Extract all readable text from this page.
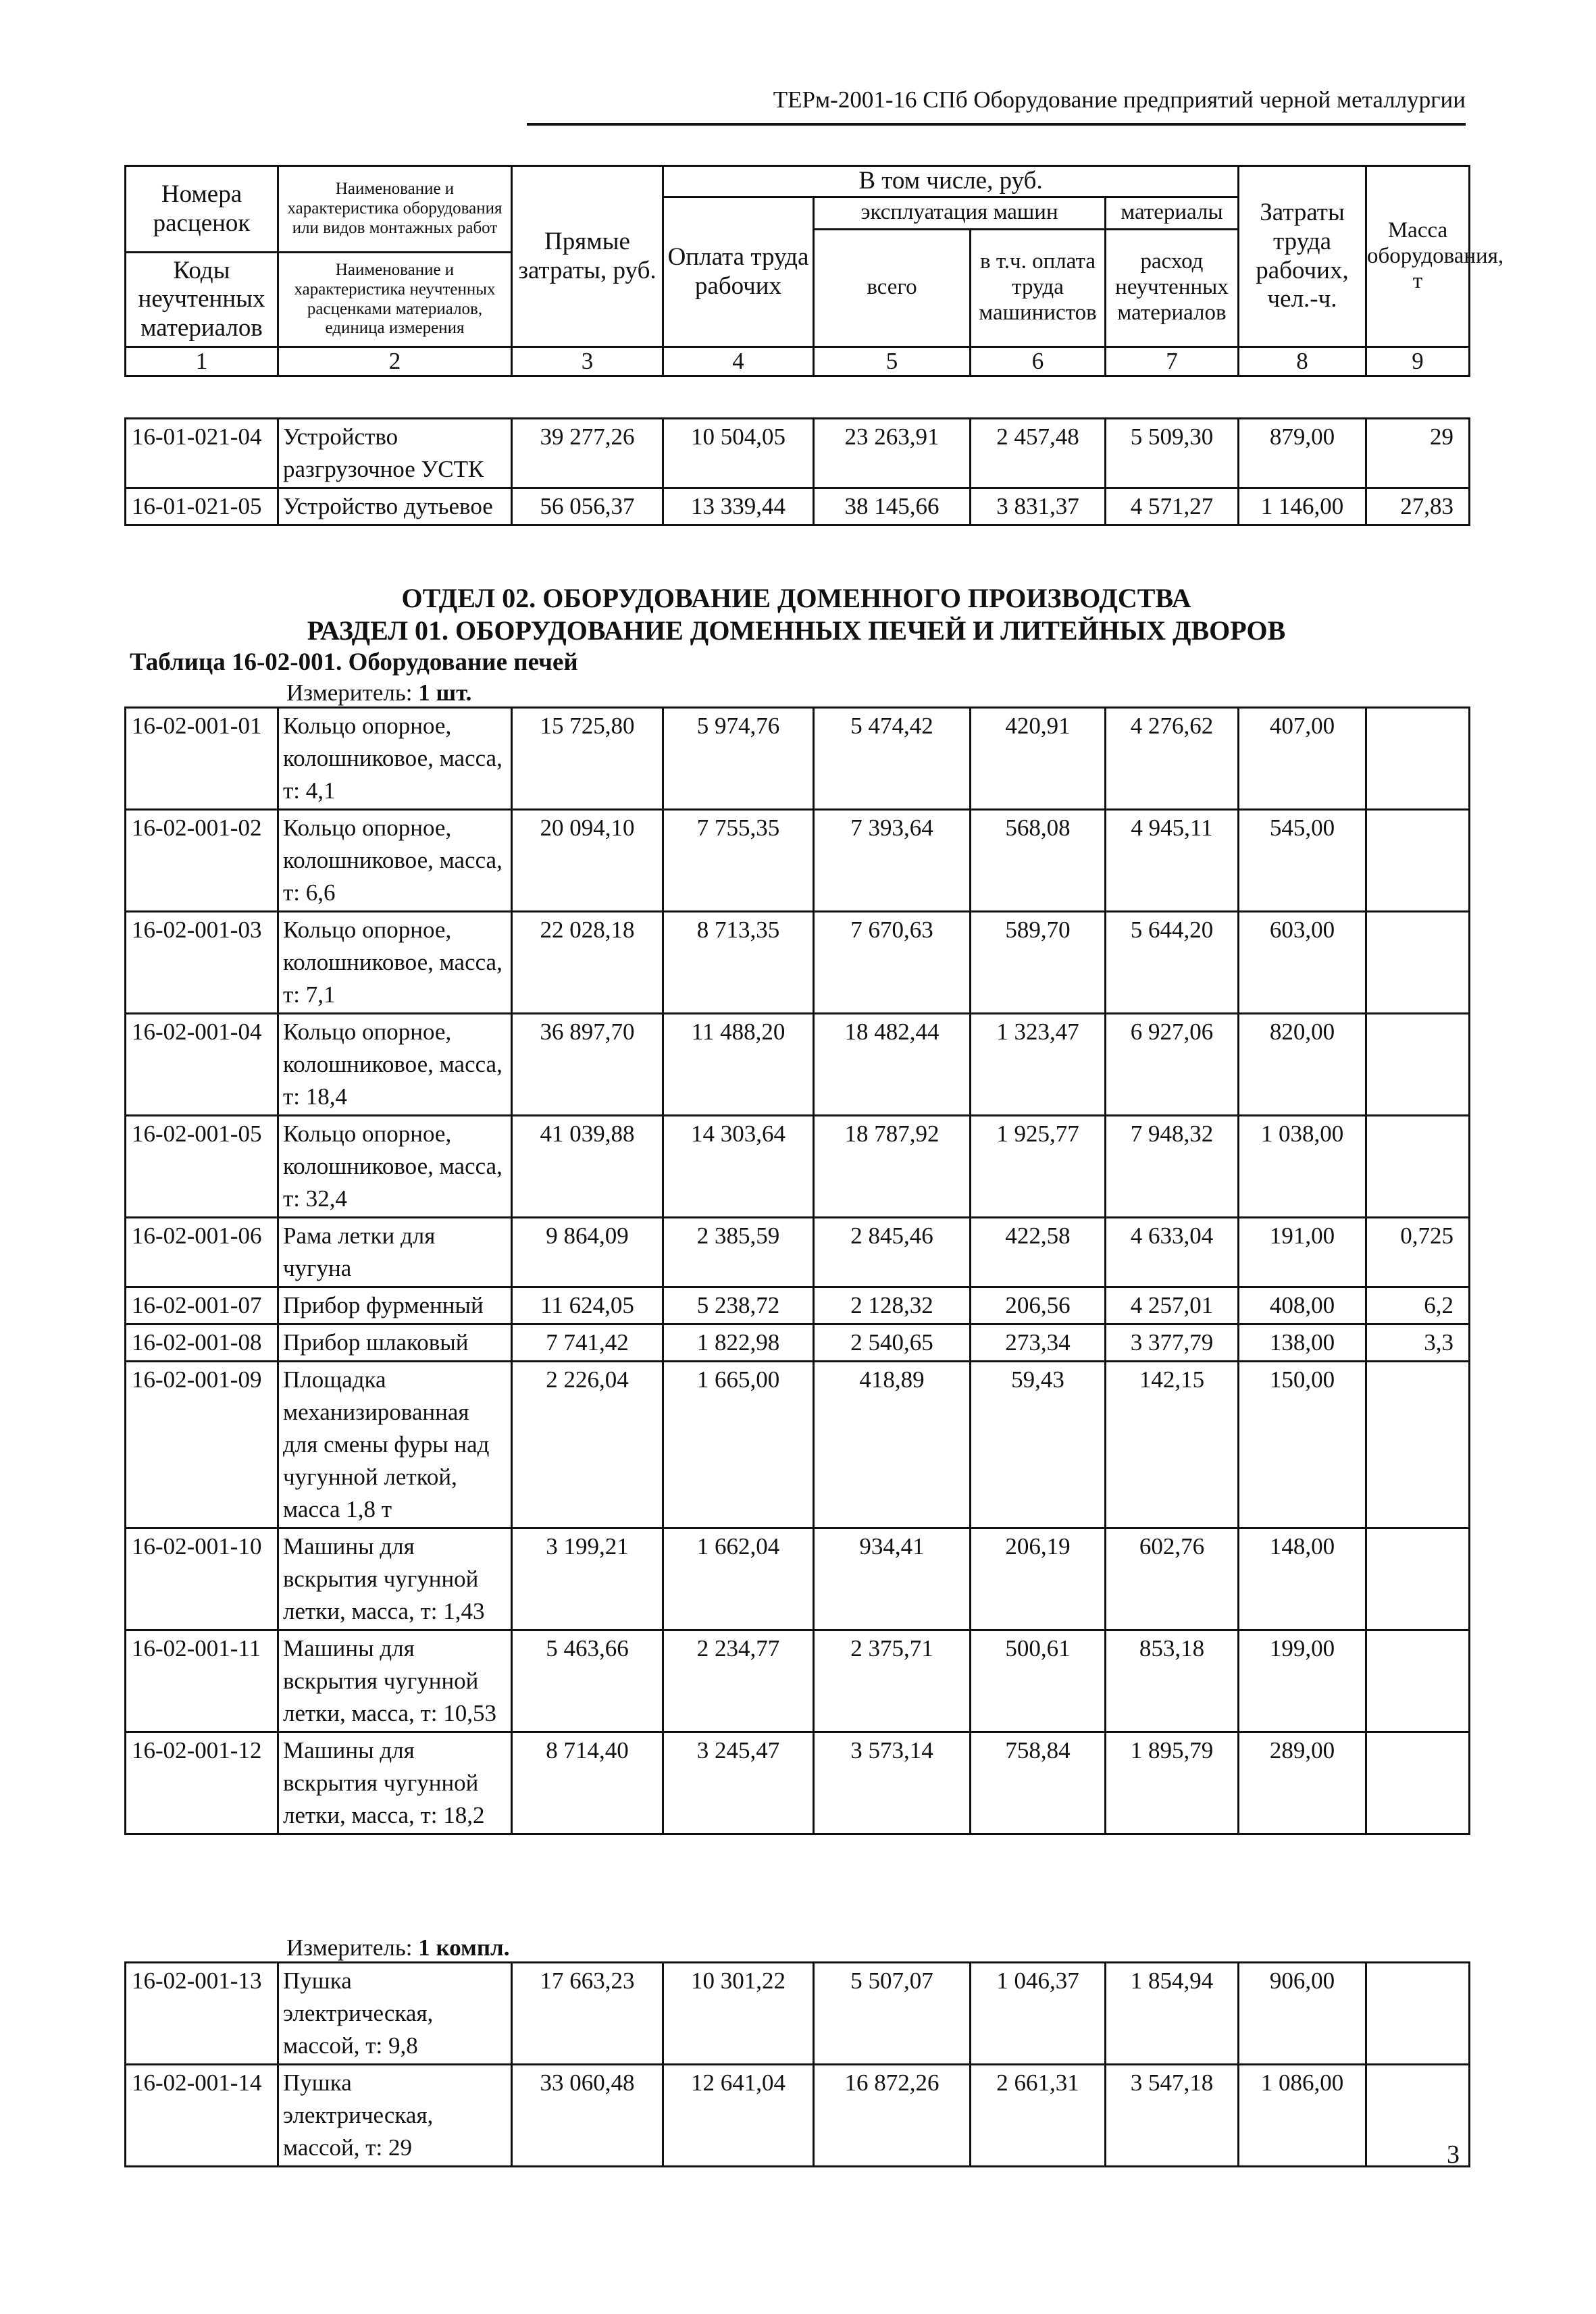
ТЕРм-2001-16 СПб Оборудование предприятий черной металлургии
Номера расценок	Наименование и характеристика оборудования или видов монтажных работ	Прямые затраты, руб.	В том числе, руб.				Затраты труда рабочих, чел.-ч.	Масса оборудования, т
			Оплата труда рабочих	эксплуатация машин		материалы		
				всего	в т.ч. оплата труда машинистов	расход неучтенных материалов		
Коды неучтенных материалов	Наименование и характеристика неучтенных расценками материалов, единица измерения							

1	2	3	4	5	6	7	8	9
16-01-021-04	Устройство разгрузочное УСТК	39 277,26	10 504,05	23 263,91	2 457,48	5 509,30	879,00	29
16-01-021-05	Устройство дутьевое	56 056,37	13 339,44	38 145,66	3 831,37	4 571,27	1 146,00	27,83
ОТДЕЛ 02. ОБОРУДОВАНИЕ ДОМЕННОГО ПРОИЗВОДСТВА
РАЗДЕЛ 01. ОБОРУДОВАНИЕ ДОМЕННЫХ ПЕЧЕЙ И ЛИТЕЙНЫХ ДВОРОВ
Таблица 16-02-001. Оборудование печей
Измеритель: 1 шт.
16-02-001-01	Кольцо опорное, колошниковое, масса, т: 4,1	15 725,80	5 974,76	5 474,42	420,91	4 276,62	407,00	
16-02-001-02	Кольцо опорное, колошниковое, масса, т: 6,6	20 094,10	7 755,35	7 393,64	568,08	4 945,11	545,00	
16-02-001-03	Кольцо опорное, колошниковое, масса, т: 7,1	22 028,18	8 713,35	7 670,63	589,70	5 644,20	603,00	
16-02-001-04	Кольцо опорное, колошниковое, масса, т: 18,4	36 897,70	11 488,20	18 482,44	1 323,47	6 927,06	820,00	
16-02-001-05	Кольцо опорное, колошниковое, масса, т: 32,4	41 039,88	14 303,64	18 787,92	1 925,77	7 948,32	1 038,00	
16-02-001-06	Рама летки для чугуна	9 864,09	2 385,59	2 845,46	422,58	4 633,04	191,00	0,725
16-02-001-07	Прибор фурменный	11 624,05	5 238,72	2 128,32	206,56	4 257,01	408,00	6,2
16-02-001-08	Прибор шлаковый	7 741,42	1 822,98	2 540,65	273,34	3 377,79	138,00	3,3
16-02-001-09	Площадка механизированная для смены фуры над чугунной леткой, масса 1,8 т	2 226,04	1 665,00	418,89	59,43	142,15	150,00	
16-02-001-10	Машины для вскрытия чугунной летки, масса, т: 1,43	3 199,21	1 662,04	934,41	206,19	602,76	148,00	
16-02-001-11	Машины для вскрытия чугунной летки, масса, т: 10,53	5 463,66	2 234,77	2 375,71	500,61	853,18	199,00	
16-02-001-12	Машины для вскрытия чугунной летки, масса, т: 18,2	8 714,40	3 245,47	3 573,14	758,84	1 895,79	289,00	
Измеритель: 1 компл.
16-02-001-13	Пушка электрическая, массой, т: 9,8	17 663,23	10 301,22	5 507,07	1 046,37	1 854,94	906,00	
16-02-001-14	Пушка электрическая, массой, т: 29	33 060,48	12 641,04	16 872,26	2 661,31	3 547,18	1 086,00	
3
